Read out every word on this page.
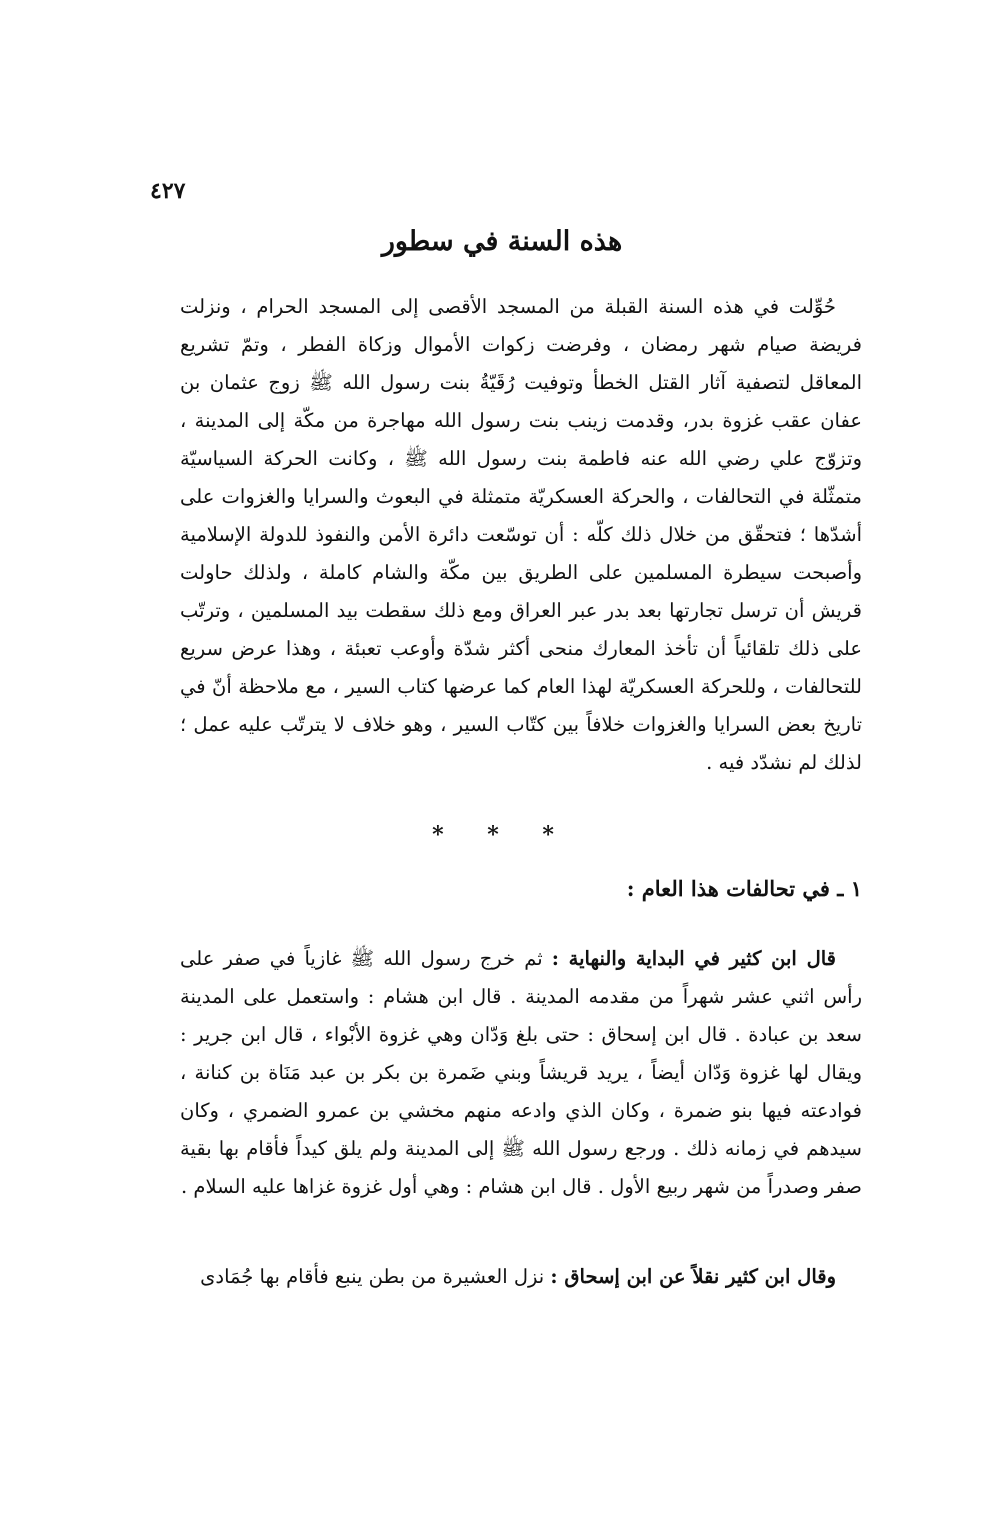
٤٢٧
هذه السنة في سطور

حُوِّلت في هذه السنة القبلة من المسجد الأقصى إلى المسجد الحرام ، ونزلت فريضة صيام شهر رمضان ، وفرضت زكوات الأموال وزكاة الفطر ، وتمّ تشريع المعاقل لتصفية آثار القتل الخطأ وتوفيت رُقَيّةُ بنت رسول الله ﷺ زوج عثمان بن عفان عقب غزوة بدر، وقدمت زينب بنت رسول الله مهاجرة من مكّة إلى المدينة ، وتزوّج علي رضي الله عنه فاطمة بنت رسول الله ﷺ ، وكانت الحركة السياسيّة متمثّلة في التحالفات ، والحركة العسكريّة متمثلة في البعوث والسرايا والغزوات على أشدّها ؛ فتحقّق من خلال ذلك كلّه : أن توسّعت دائرة الأمن والنفوذ للدولة الإسلامية وأصبحت سيطرة المسلمين على الطريق بين مكّة والشام كاملة ، ولذلك حاولت قريش أن ترسل تجارتها بعد بدر عبر العراق ومع ذلك سقطت بيد المسلمين ، وترتّب على ذلك تلقائياً أن تأخذ المعارك منحى أكثر شدّة وأوعب تعبئة ، وهذا عرض سريع للتحالفات ، وللحركة العسكريّة لهذا العام كما عرضها كتاب السير ، مع ملاحظة أنّ في تاريخ بعض السرايا والغزوات خلافاً بين كتّاب السير ، وهو خلاف لا يترتّب عليه عمل ؛ لذلك لم نشدّد فيه .

* * *
١ ـ في تحالفات هذا العام :

قال ابن كثير في البداية والنهاية : ثم خرج رسول الله ﷺ غازياً في صفر على رأس اثني عشر شهراً من مقدمه المدينة . قال ابن هشام : واستعمل على المدينة سعد بن عبادة . قال ابن إسحاق : حتى بلغ وَدّان وهي غزوة الأبْواء ، قال ابن جرير : ويقال لها غزوة وَدّان أيضاً ، يريد قريشاً وبني ضَمرة بن بكر بن عبد مَنَاة بن كنانة ، فوادعته فيها بنو ضمرة ، وكان الذي وادعه منهم مخشي بن عمرو الضمري ، وكان سيدهم في زمانه ذلك . ورجع رسول الله ﷺ إلى المدينة ولم يلق كيداً فأقام بها بقية صفر وصدراً من شهر ربيع الأول . قال ابن هشام : وهي أول غزوة غزاها عليه السلام .

وقال ابن كثير نقلاً عن ابن إسحاق : نزل العشيرة من بطن ينبع فأقام بها جُمَادى
